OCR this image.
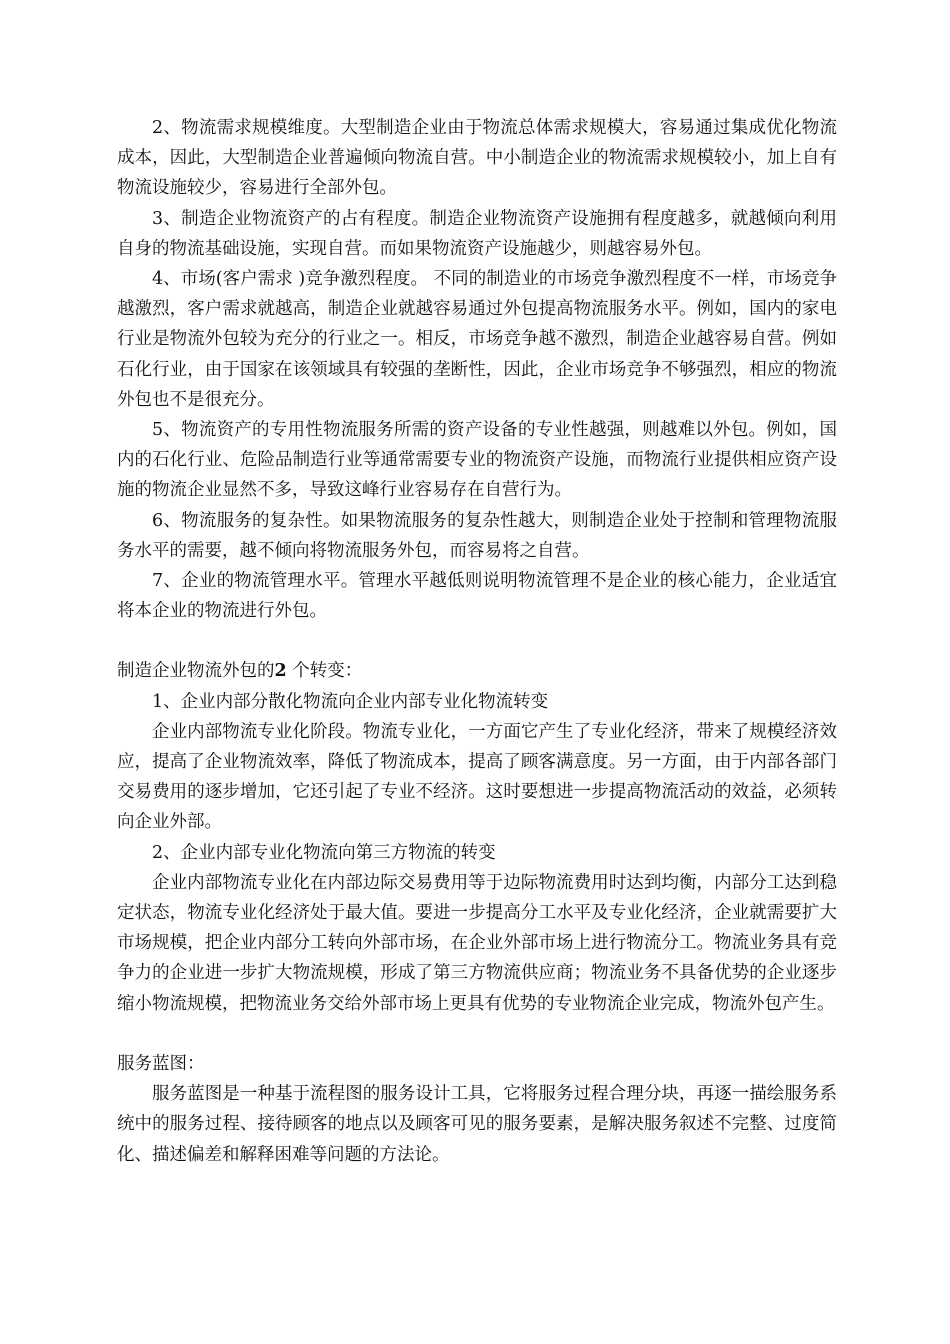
2、物流需求规模维度。大型制造企业由于物流总体需求规模大，容易通过集成优化物流成本，因此，大型制造企业普遍倾向物流自营。中小制造企业的物流需求规模较小，加上自有物流设施较少，容易进行全部外包。

3、制造企业物流资产的占有程度。制造企业物流资产设施拥有程度越多，就越倾向利用自身的物流基础设施，实现自营。而如果物流资产设施越少，则越容易外包。

4、市场(客户需求 )竞争激烈程度。 不同的制造业的市场竞争激烈程度不一样，市场竞争越激烈，客户需求就越高，制造企业就越容易通过外包提高物流服务水平。例如，国内的家电行业是物流外包较为充分的行业之一。相反，市场竞争越不激烈，制造企业越容易自营。例如石化行业，由于国家在该领域具有较强的垄断性，因此，企业市场竞争不够强烈，相应的物流外包也不是很充分。

5、物流资产的专用性物流服务所需的资产设备的专业性越强，则越难以外包。例如，国内的石化行业、危险品制造行业等通常需要专业的物流资产设施，而物流行业提供相应资产设施的物流企业显然不多，导致这峰行业容易存在自营行为。

6、物流服务的复杂性。如果物流服务的复杂性越大，则制造企业处于控制和管理物流服务水平的需要，越不倾向将物流服务外包，而容易将之自营。

7、企业的物流管理水平。管理水平越低则说明物流管理不是企业的核心能力，企业适宜将本企业的物流进行外包。

制造企业物流外包的2 个转变：

1、企业内部分散化物流向企业内部专业化物流转变

企业内部物流专业化阶段。物流专业化，一方面它产生了专业化经济，带来了规模经济效应，提高了企业物流效率，降低了物流成本，提高了顾客满意度。另一方面，由于内部各部门交易费用的逐步增加，它还引起了专业不经济。这时要想进一步提高物流活动的效益，必须转向企业外部。

2、企业内部专业化物流向第三方物流的转变

企业内部物流专业化在内部边际交易费用等于边际物流费用时达到均衡，内部分工达到稳定状态，物流专业化经济处于最大值。要进一步提高分工水平及专业化经济，企业就需要扩大市场规模，把企业内部分工转向外部市场，在企业外部市场上进行物流分工。物流业务具有竞争力的企业进一步扩大物流规模，形成了第三方物流供应商；物流业务不具备优势的企业逐步缩小物流规模，把物流业务交给外部市场上更具有优势的专业物流企业完成，物流外包产生。

服务蓝图：

服务蓝图是一种基于流程图的服务设计工具，它将服务过程合理分块，再逐一描绘服务系统中的服务过程、接待顾客的地点以及顾客可见的服务要素，是解决服务叙述不完整、过度简化、描述偏差和解释困难等问题的方法论。
